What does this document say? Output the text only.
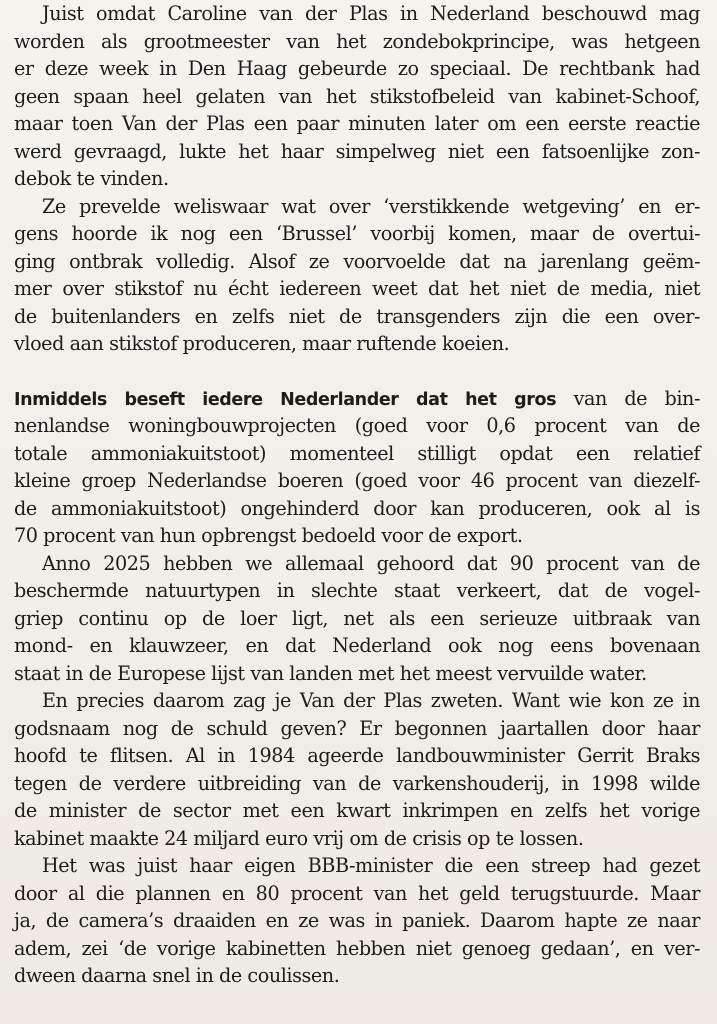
Juist omdat Caroline van der Plas in Nederland beschouwd mag
worden als grootmeester van het zondebokprincipe, was hetgeen
er deze week in Den Haag gebeurde zo speciaal. De rechtbank had
geen spaan heel gelaten van het stikstofbeleid van kabinet-Schoof,
maar toen Van der Plas een paar minuten later om een eerste reactie
werd gevraagd, lukte het haar simpelweg niet een fatsoenlijke zon-
debok te vinden.
Ze prevelde weliswaar wat over ‘verstikkende wetgeving’ en er-
gens hoorde ik nog een ‘Brussel’ voorbij komen, maar de overtui-
ging ontbrak volledig. Alsof ze voorvoelde dat na jarenlang geëm-
mer over stikstof nu écht iedereen weet dat het niet de media, niet
de buitenlanders en zelfs niet de transgenders zijn die een over-
vloed aan stikstof produceren, maar ruftende koeien.
Inmiddels beseft iedere Nederlander dat het gros van de bin-
nenlandse woningbouwprojecten (goed voor 0,6 procent van de
totale ammoniakuitstoot) momenteel stilligt opdat een relatief
kleine groep Nederlandse boeren (goed voor 46 procent van diezelf-
de ammoniakuitstoot) ongehinderd door kan produceren, ook al is
70 procent van hun opbrengst bedoeld voor de export.
Anno 2025 hebben we allemaal gehoord dat 90 procent van de
beschermde natuurtypen in slechte staat verkeert, dat de vogel-
griep continu op de loer ligt, net als een serieuze uitbraak van
mond- en klauwzeer, en dat Nederland ook nog eens bovenaan
staat in de Europese lijst van landen met het meest vervuilde water.
En precies daarom zag je Van der Plas zweten. Want wie kon ze in
godsnaam nog de schuld geven? Er begonnen jaartallen door haar
hoofd te flitsen. Al in 1984 ageerde landbouwminister Gerrit Braks
tegen de verdere uitbreiding van de varkenshouderij, in 1998 wilde
de minister de sector met een kwart inkrimpen en zelfs het vorige
kabinet maakte 24 miljard euro vrij om de crisis op te lossen.
Het was juist haar eigen BBB-minister die een streep had gezet
door al die plannen en 80 procent van het geld terugstuurde. Maar
ja, de camera’s draaiden en ze was in paniek. Daarom hapte ze naar
adem, zei ‘de vorige kabinetten hebben niet genoeg gedaan’, en ver-
dween daarna snel in de coulissen.
